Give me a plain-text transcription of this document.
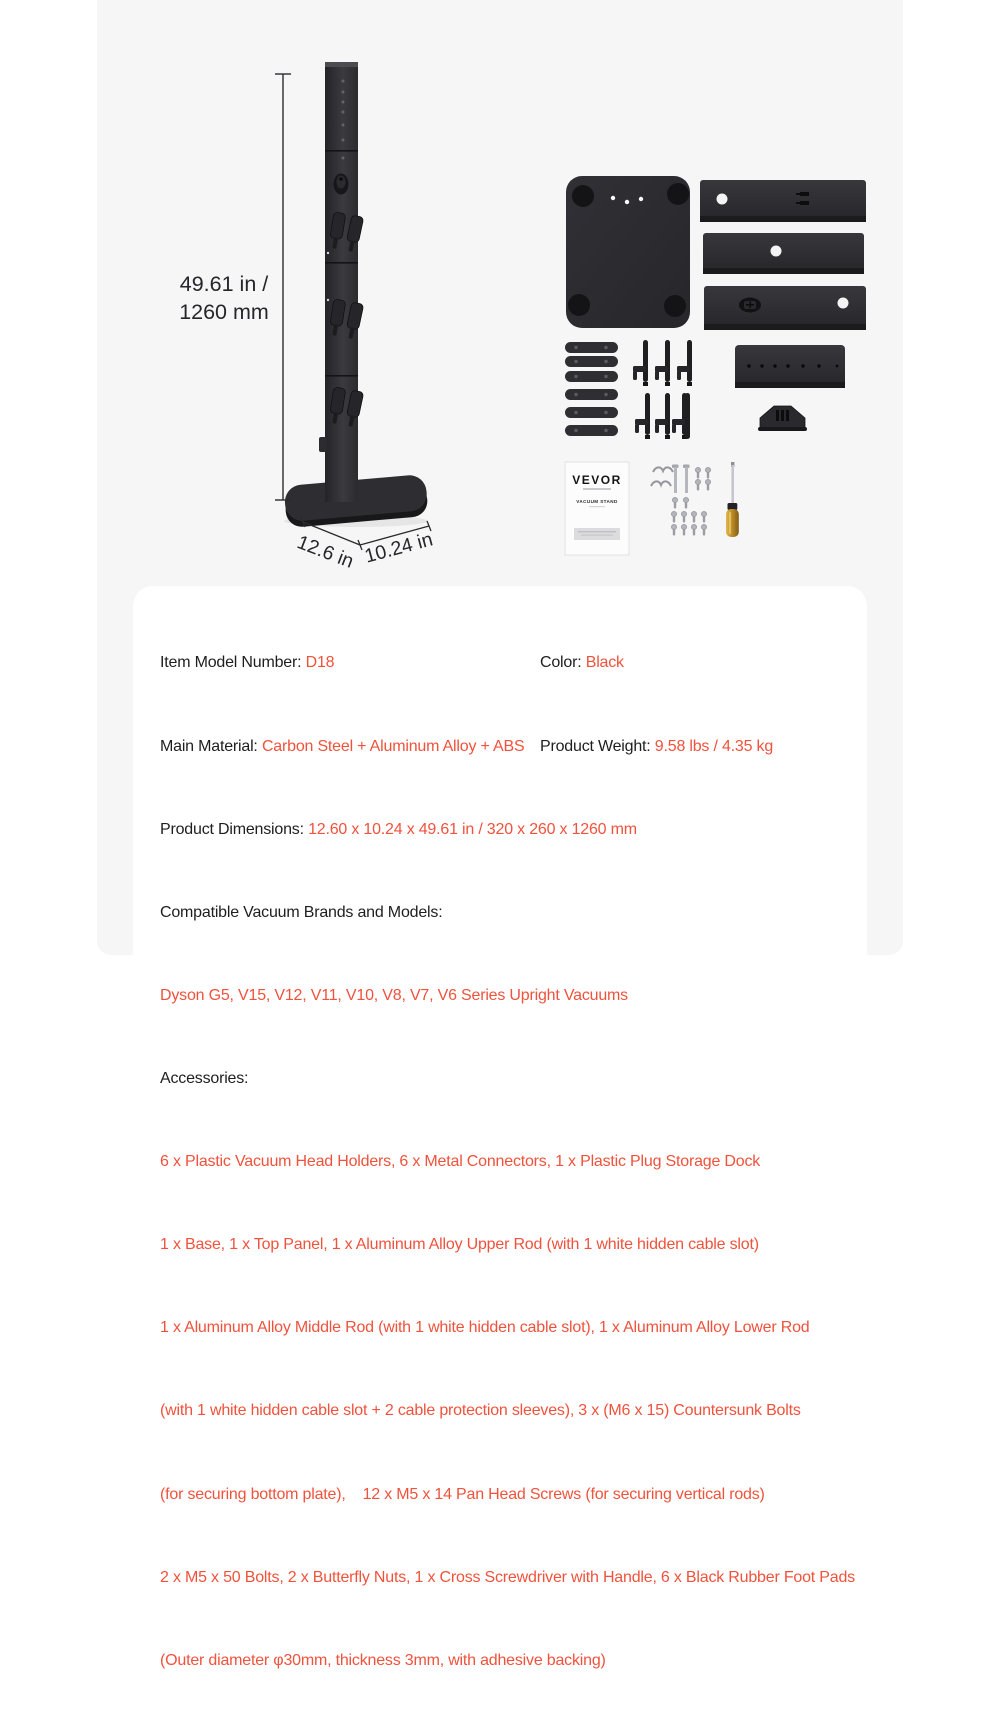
49.61 in /
1260 mm
12.6 in 10.24 in
VEVOR
VACUUM STAND

Item Model Number: D18	Color: Black

Main Material: Carbon Steel + Aluminum Alloy + ABS Product Weight: 9.58 lbs / 4.35 kg

Product Dimensions: 12.60 x 10.24 x 49.61 in / 320 x 260 x 1260 mm

Compatible Vacuum Brands and Models:

Dyson G5, V15, V12, V11, V10, V8, V7, V6 Series Upright Vacuums

Accessories:

6 x Plastic Vacuum Head Holders, 6 x Metal Connectors, 1 x Plastic Plug Storage Dock

1 x Base, 1 x Top Panel, 1 x Aluminum Alloy Upper Rod (with 1 white hidden cable slot)

1 x Aluminum Alloy Middle Rod (with 1 white hidden cable slot), 1 x Aluminum Alloy Lower Rod

(with 1 white hidden cable slot + 2 cable protection sleeves), 3 x (M6 x 15) Countersunk Bolts

(for securing bottom plate),    12 x M5 x 14 Pan Head Screws (for securing vertical rods)

2 x M5 x 50 Bolts, 2 x Butterfly Nuts, 1 x Cross Screwdriver with Handle, 6 x Black Rubber Foot Pads

(Outer diameter φ30mm, thickness 3mm, with adhesive backing)
